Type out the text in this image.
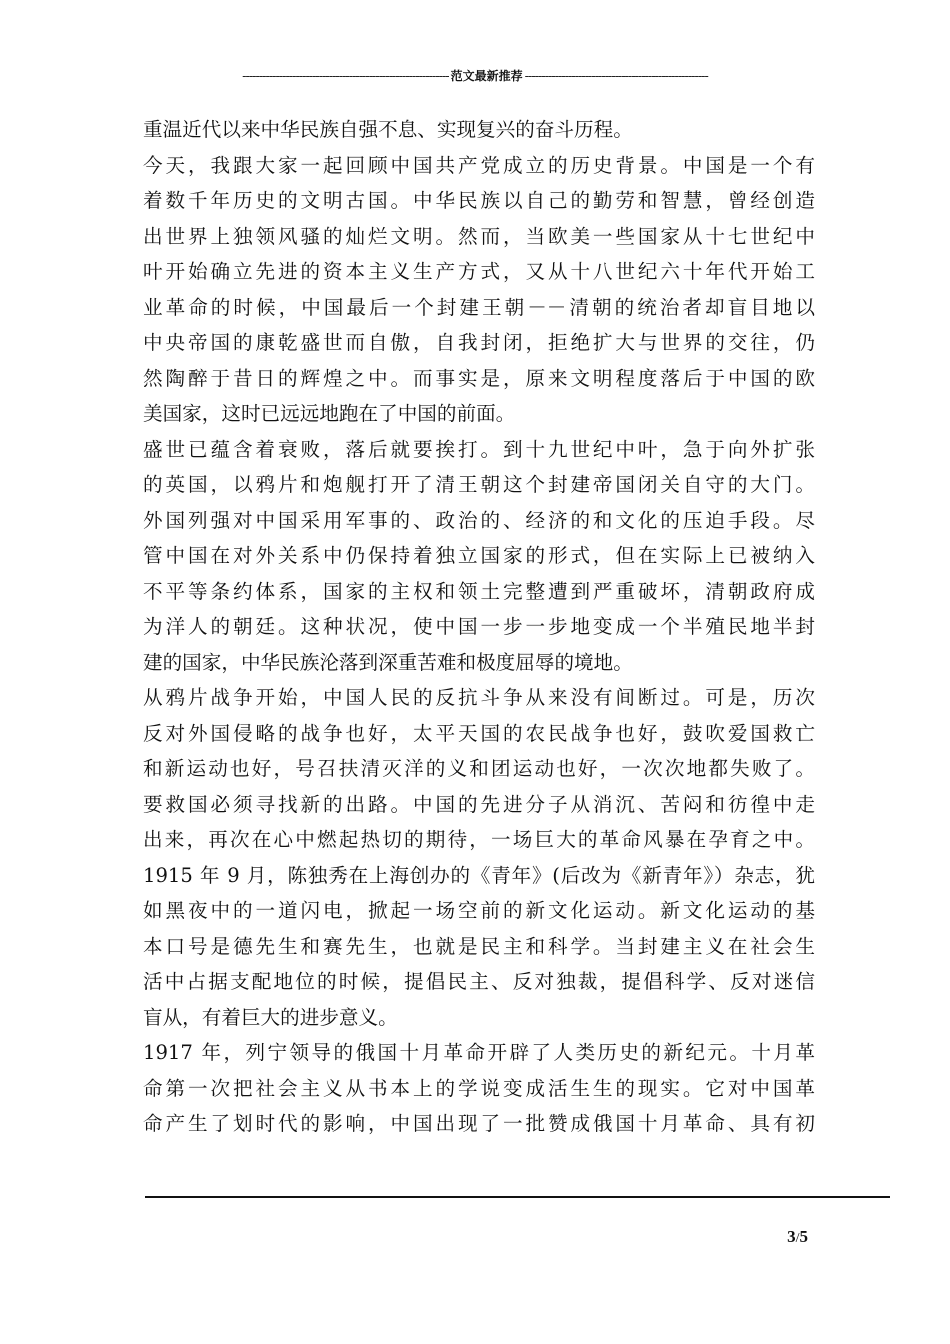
-------------------------------------------------------------- 范文最新推荐 -------------------------------------------------------
重温近代以来中华民族自强不息、实现复兴的奋斗历程。
今天，我跟大家一起回顾中国共产党成立的历史背景。中国是一个有
着数千年历史的文明古国。中华民族以自己的勤劳和智慧，曾经创造
出世界上独领风骚的灿烂文明。然而，当欧美一些国家从十七世纪中
叶开始确立先进的资本主义生产方式，又从十八世纪六十年代开始工
业革命的时候，中国最后一个封建王朝－－清朝的统治者却盲目地以
中央帝国的康乾盛世而自傲，自我封闭，拒绝扩大与世界的交往，仍
然陶醉于昔日的辉煌之中。而事实是，原来文明程度落后于中国的欧
美国家，这时已远远地跑在了中国的前面。
盛世已蕴含着衰败，落后就要挨打。到十九世纪中叶，急于向外扩张
的英国，以鸦片和炮舰打开了清王朝这个封建帝国闭关自守的大门。
外国列强对中国采用军事的、政治的、经济的和文化的压迫手段。尽
管中国在对外关系中仍保持着独立国家的形式，但在实际上已被纳入
不平等条约体系，国家的主权和领土完整遭到严重破坏，清朝政府成
为洋人的朝廷。这种状况，使中国一步一步地变成一个半殖民地半封
建的国家，中华民族沦落到深重苦难和极度屈辱的境地。
从鸦片战争开始，中国人民的反抗斗争从来没有间断过。可是，历次
反对外国侵略的战争也好，太平天国的农民战争也好，鼓吹爱国救亡
和新运动也好，号召扶清灭洋的义和团运动也好，一次次地都失败了。
要救国必须寻找新的出路。中国的先进分子从消沉、苦闷和彷徨中走
出来，再次在心中燃起热切的期待，一场巨大的革命风暴在孕育之中。
1915 年 9 月，陈独秀在上海创办的《青年》(后改为《新青年》）杂志，犹
如黑夜中的一道闪电，掀起一场空前的新文化运动。新文化运动的基
本口号是德先生和赛先生，也就是民主和科学。当封建主义在社会生
活中占据支配地位的时候，提倡民主、反对独裁，提倡科学、反对迷信
盲从，有着巨大的进步意义。
1917 年，列宁领导的俄国十月革命开辟了人类历史的新纪元。十月革
命第一次把社会主义从书本上的学说变成活生生的现实。它对中国革
命产生了划时代的影响，中国出现了一批赞成俄国十月革命、具有初
3/5
